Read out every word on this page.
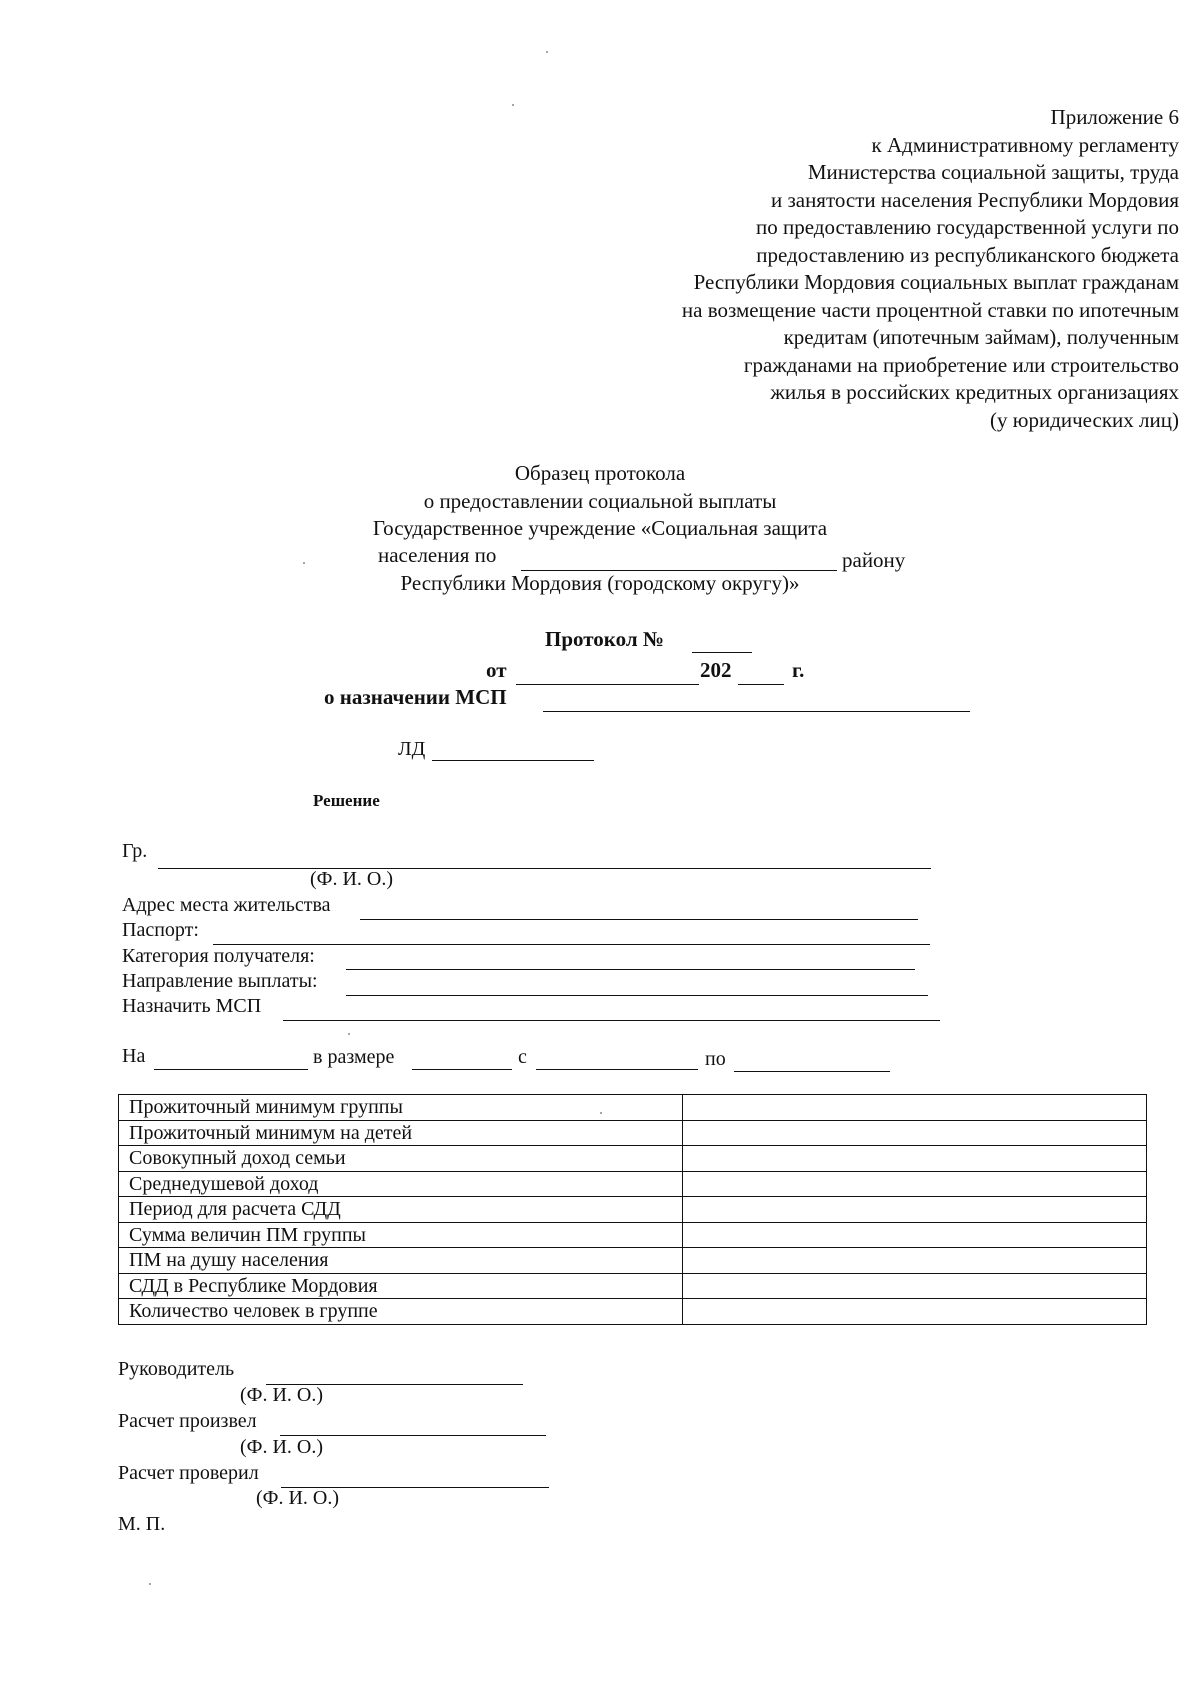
Приложение 6
к Административному регламенту
Министерства социальной защиты, труда
и занятости населения Республики Мордовия
по предоставлению государственной услуги по
предоставлению из республиканского бюджета
Республики Мордовия социальных выплат гражданам
на возмещение части процентной ставки по ипотечным
кредитам (ипотечным займам), полученным
гражданами на приобретение или строительство
жилья в российских кредитных организациях
(у юридических лиц)
Образец протокола
о предоставлении социальной выплаты
Государственное учреждение «Социальная защита
Республики Мордовия (городскому округу)»
населения по	району
Протокол №
от	202	г.
о назначении МСП
ЛД
Решение
Гр.
(Ф. И. О.)
Адрес места жительства
Паспорт:
Категория получателя:
Направление выплаты:
Назначить МСП
На	в размере	с	по
Прожиточный минимум группы	
Прожиточный минимум на детей	
Совокупный доход семьи	
Среднедушевой доход	
Период для расчета СДД	
Сумма величин ПМ группы	
ПМ на душу населения	
СДД в Республике Мордовия	
Количество человек в группе	
Руководитель
(Ф. И. О.)
Расчет произвел
(Ф. И. О.)
Расчет проверил
(Ф. И. О.)
М. П.
